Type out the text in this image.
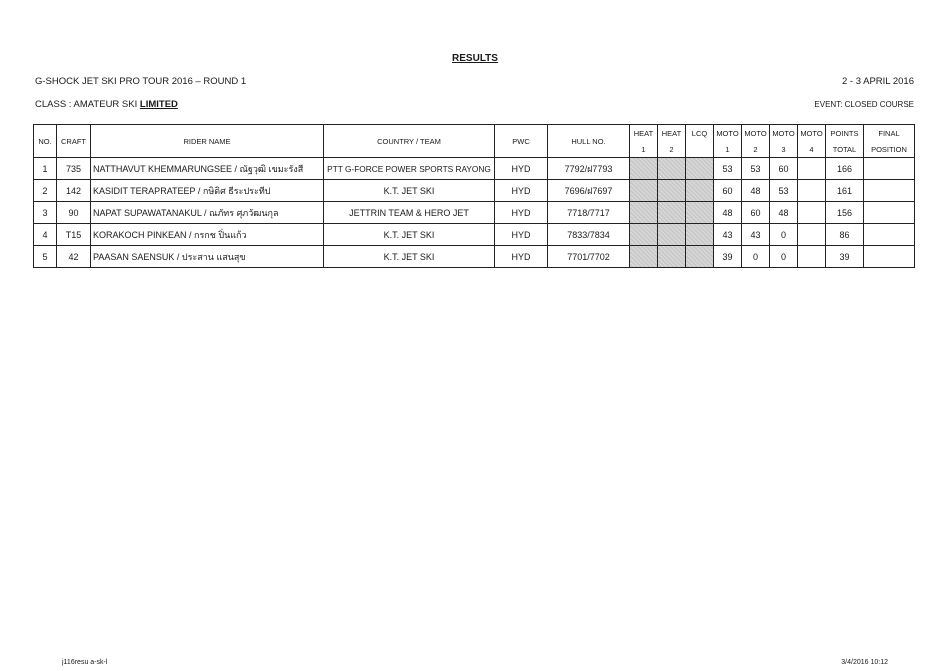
RESULTS
G-SHOCK JET SKI PRO TOUR 2016 – ROUND 1	2 - 3 APRIL 2016
CLASS : AMATEUR SKI LIMITED	EVENT: CLOSED COURSE
NO.	CRAFT	RIDER NAME	COUNTRY / TEAM	PWC	HULL NO.	HEAT	HEAT	LCQ	MOTO	MOTO	MOTO	MOTO	POINTS	FINAL
						1	2		1	2	3	4	TOTAL	POSITION
1	735	NATTHAVUT KHEMMARUNGSEE / ณัฐวุฒิ เขมะรังสี	PTT G-FORCE POWER SPORTS RAYONG	HYD	7792/ฝ7793				53	53	60		166	
2	142	KASIDIT TERAPRATEEP / กษิดิศ ธีระประทีป	K.T. JET SKI	HYD	7696/ฝ7697				60	48	53		161	
3	90	NAPAT SUPAWATANAKUL / ณภัทร ศุภวัฒนกุล	JETTRIN TEAM & HERO JET	HYD	7718/7717				48	60	48		156	
4	T15	KORAKOCH PINKEAN / กรกช ปิ่นแก้ว	K.T. JET SKI	HYD	7833/7834				43	43	0		86	
5	42	PAASAN SAENSUK / ประสาน แสนสุข	K.T. JET SKI	HYD	7701/7702				39	0	0		39	
j116resu a-sk-l	3/4/2016 10:12
